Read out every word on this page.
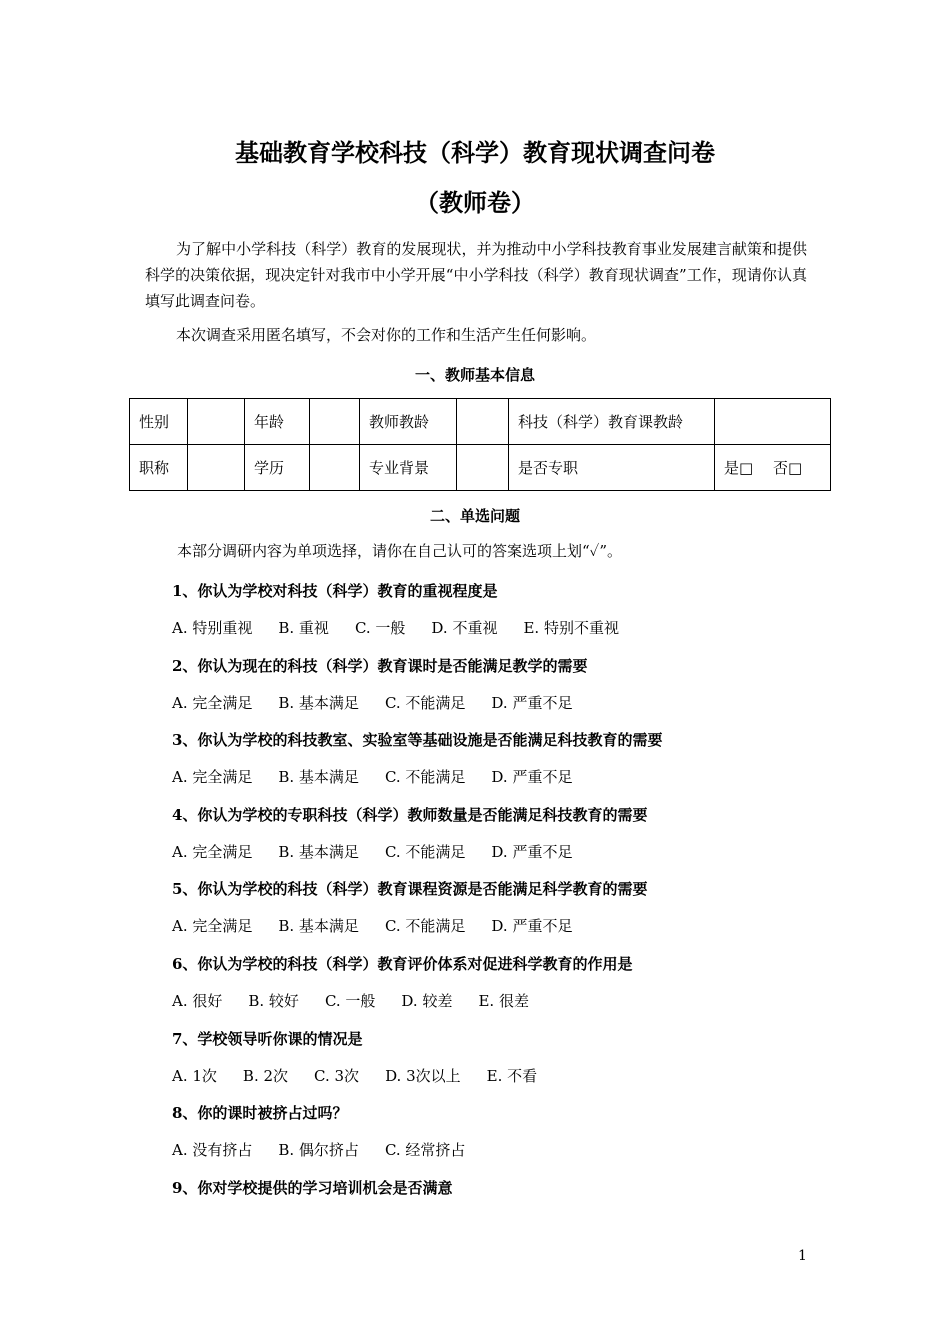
基础教育学校科技（科学）教育现状调查问卷
（教师卷）
为了解中小学科技（科学）教育的发展现状，并为推动中小学科技教育事业发展建言献策和提供科学的决策依据，现决定针对我市中小学开展“中小学科技（科学）教育现状调查”工作，现请你认真填写此调查问卷。
本次调查采用匿名填写，不会对你的工作和生活产生任何影响。
一、教师基本信息
性别		年龄		教师教龄		科技（科学）教育课教龄	
职称		学历		专业背景		是否专职	是□　 否□
二、单选问题
本部分调研内容为单项选择，请你在自己认可的答案选项上划“✓”。
1、你认为学校对科技（科学）教育的重视程度是
A. 特别重视 B. 重视 C. 一般 D. 不重视 E. 特别不重视
2、你认为现在的科技（科学）教育课时是否能满足教学的需要
A. 完全满足 B. 基本满足 C. 不能满足 D. 严重不足
3、你认为学校的科技教室、实验室等基础设施是否能满足科技教育的需要
A. 完全满足 B. 基本满足 C. 不能满足 D. 严重不足
4、你认为学校的专职科技（科学）教师数量是否能满足科技教育的需要
A. 完全满足 B. 基本满足 C. 不能满足 D. 严重不足
5、你认为学校的科技（科学）教育课程资源是否能满足科学教育的需要
A. 完全满足 B. 基本满足 C. 不能满足 D. 严重不足
6、你认为学校的科技（科学）教育评价体系对促进科学教育的作用是
A. 很好 B. 较好 C. 一般 D. 较差 E. 很差
7、学校领导听你课的情况是
A. 1次 B. 2次 C. 3次 D. 3次以上 E. 不看
8、你的课时被挤占过吗？
A. 没有挤占 B. 偶尔挤占 C. 经常挤占
9、你对学校提供的学习培训机会是否满意
1
